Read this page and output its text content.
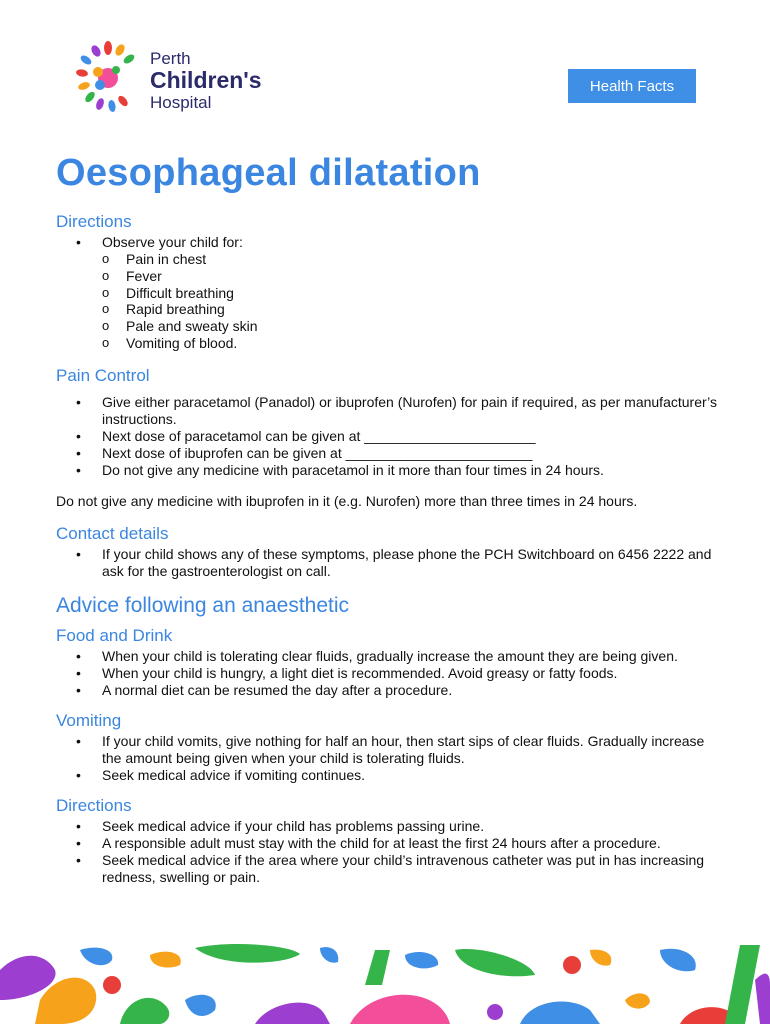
Perth
Children's
Hospital
Health Facts
Oesophageal dilatation
Directions
• Observe your child for:
o Pain in chest
o Fever
o Difficult breathing
o Rapid breathing
o Pale and sweaty skin
o Vomiting of blood.
Pain Control
• Give either paracetamol (Panadol) or ibuprofen (Nurofen) for pain if required, as per manufacturer’s instructions.
• Next dose of paracetamol can be given at ______________________
• Next dose of ibuprofen can be given at ________________________
• Do not give any medicine with paracetamol in it more than four times in 24 hours.

Do not give any medicine with ibuprofen in it (e.g. Nurofen) more than three times in 24 hours.

Contact details
• If your child shows any of these symptoms, please phone the PCH Switchboard on 6456 2222 and ask for the gastroenterologist on call.
Advice following an anaesthetic
Food and Drink
• When your child is tolerating clear fluids, gradually increase the amount they are being given.
• When your child is hungry, a light diet is recommended. Avoid greasy or fatty foods.
• A normal diet can be resumed the day after a procedure.
Vomiting
• If your child vomits, give nothing for half an hour, then start sips of clear fluids. Gradually increase the amount being given when your child is tolerating fluids.
• Seek medical advice if vomiting continues.
Directions
• Seek medical advice if your child has problems passing urine.
• A responsible adult must stay with the child for at least the first 24 hours after a procedure.
• Seek medical advice if the area where your child’s intravenous catheter was put in has increasing redness, swelling or pain.
